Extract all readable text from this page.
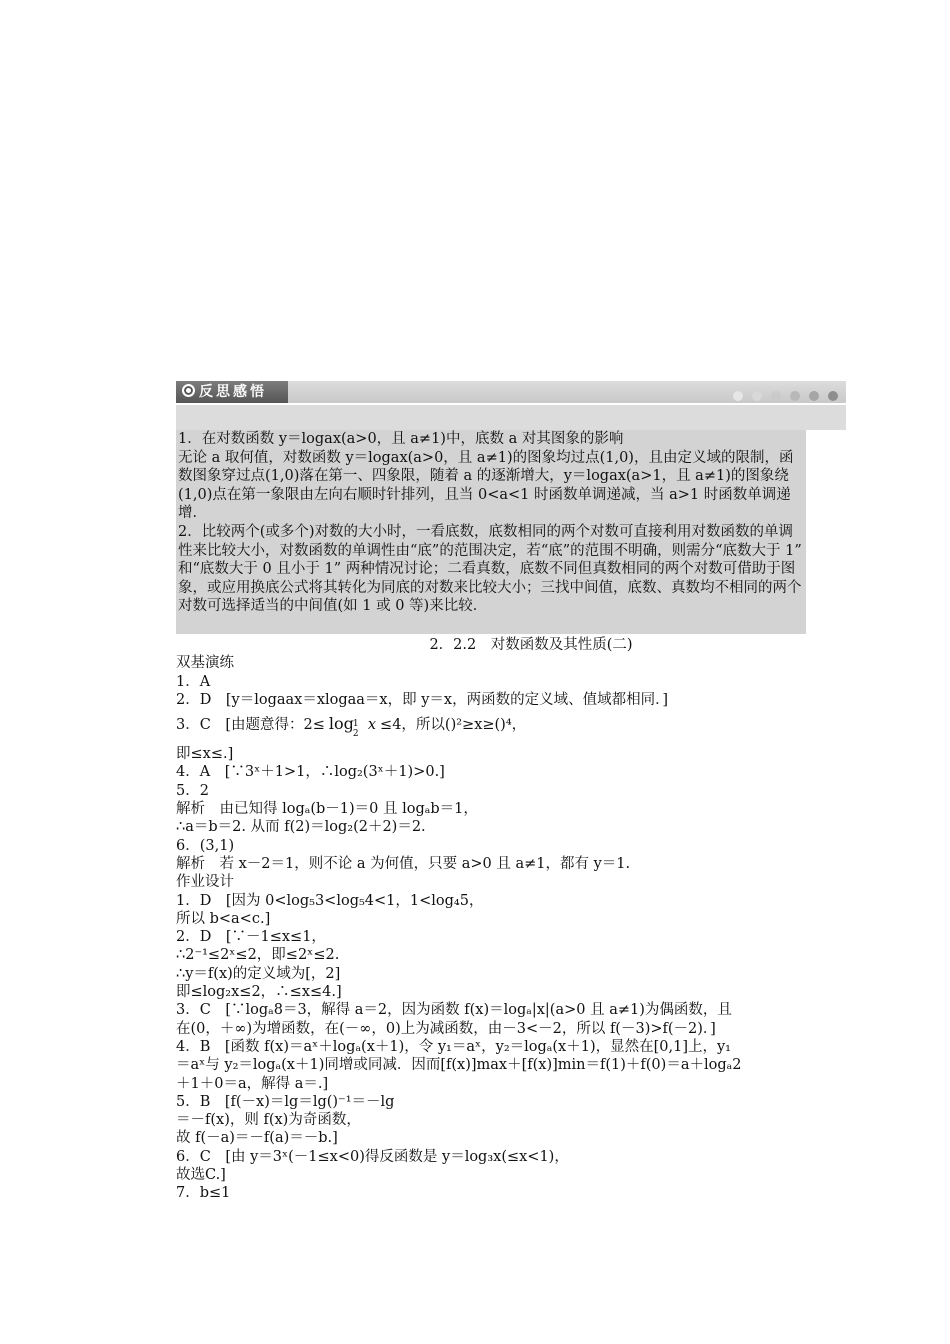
反思感悟

1．在对数函数 y＝logax(a>0，且 a≠1)中，底数 a 对其图象的影响

无论 a 取何值，对数函数 y＝logax(a>0，且 a≠1)的图象均过点(1,0)，且由定义域的限制，函数图象穿过点(1,0)落在第一、四象限，随着 a 的逐渐增大，y＝logax(a>1，且 a≠1)的图象绕(1,0)点在第一象限由左向右顺时针排列，且当 0<a<1 时函数单调递减，当 a>1 时函数单调递增．

2．比较两个(或多个)对数的大小时，一看底数，底数相同的两个对数可直接利用对数函数的单调性来比较大小，对数函数的单调性由“底”的范围决定，若“底”的范围不明确，则需分“底数大于 1” 和“底数大于 0 且小于 1” 两种情况讨论；二看真数，底数不同但真数相同的两个对数可借助于图象，或应用换底公式将其转化为同底的对数来比较大小；三找中间值，底数、真数均不相同的两个对数可选择适当的中间值(如 1 或 0 等)来比较．

2．2.2　对数函数及其性质(二)
双基演练
1．A
2．D　[y＝logaax＝xlogaa＝x，即 y＝x，两函数的定义域、值域都相同．]
3．C　[由题意得：2≤ log 1
2
x ≤4，所以()²≥x≥()⁴，
即≤x≤.]
4．A　[∵3ˣ＋1>1，∴log₂(3ˣ＋1)>0.]
5．2
解析　由已知得 logₐ(b－1)＝0 且 logₐb＝1，
∴a＝b＝2. 从而 f(2)＝log₂(2＋2)＝2.
6．(3,1)
解析　若 x－2＝1，则不论 a 为何值，只要 a>0 且 a≠1，都有 y＝1.
作业设计
1．D　[因为 0<log₅3<log₅4<1，1<log₄5，
所以 b<a<c.]
2．D　[∵－1≤x≤1，
∴2⁻¹≤2ˣ≤2，即≤2ˣ≤2.
∴y＝f(x)的定义域为[，2]
即≤log₂x≤2，∴≤x≤4.]
3．C　[∵logₐ8＝3，解得 a＝2，因为函数 f(x)＝logₐ|x|(a>0 且 a≠1)为偶函数，且
在(0，＋∞)为增函数，在(－∞，0)上为减函数，由－3<－2，所以 f(－3)>f(－2)．]
4．B　[函数 f(x)＝aˣ＋logₐ(x＋1)，令 y₁＝aˣ，y₂＝logₐ(x＋1)，显然在[0,1]上，y₁
＝aˣ与 y₂＝logₐ(x＋1)同增或同减．因而[f(x)]max＋[f(x)]min＝f(1)＋f(0)＝a＋logₐ2
＋1＋0＝a，解得 a＝.]
5．B　[f(－x)＝lg＝lg()⁻¹＝－lg
＝－f(x)，则 f(x)为奇函数，
故 f(－a)＝－f(a)＝－b.]
6．C　[由 y＝3ˣ(－1≤x<0)得反函数是 y＝log₃x(≤x<1)，
故选C.]
7．b≤1
